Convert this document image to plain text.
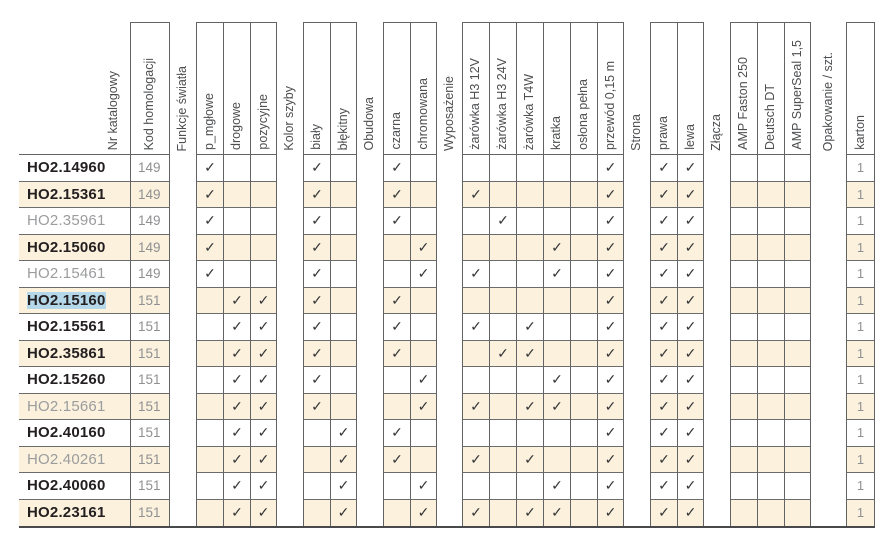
Nr katalogowy
HO2.14960
HO2.15361
HO2.35961
HO2.15060
HO2.15461
HO2.15160
HO2.15561
HO2.35861
HO2.15260
HO2.15661
HO2.40160
HO2.40261
HO2.40060
HO2.23161
Kod homologacji
149
149
149
149
149
151
151
151
151
151
151
151
151
151
Funkcje światła p_mgłowe
✓
✓
✓
✓
✓
drogowe
✓
✓
✓
✓
✓
✓
✓
✓
✓
pozycyjne
✓
✓
✓
✓
✓
✓
✓
✓
✓
Kolor szyby biały
✓
✓
✓
✓
✓
✓
✓
✓
✓
✓
błękitny
✓
✓
✓
✓
Obudowa czarna
✓
✓
✓
✓
✓
✓
✓
✓
chromowana
✓
✓
✓
✓
✓
✓
Wyposażenie żarówka H3 12V
✓
✓
✓
✓
✓
✓
żarówka H3 24V
✓
✓
żarówka T4W
✓
✓
✓
✓
✓
kratka
✓
✓
✓
✓
✓
✓
osłona pełna przewód 0,15 m
✓
✓
✓
✓
✓
✓
✓
✓
✓
✓
✓
✓
✓
✓
Strona prawa
✓
✓
✓
✓
✓
✓
✓
✓
✓
✓
✓
✓
✓
✓
lewa
✓
✓
✓
✓
✓
✓
✓
✓
✓
✓
✓
✓
✓
✓
Złącza AMP Faston 250 Deutsch DT AMP SuperSeal 1,5 Opakowanie / szt. karton
1
1
1
1
1
1
1
1
1
1
1
1
1
1
